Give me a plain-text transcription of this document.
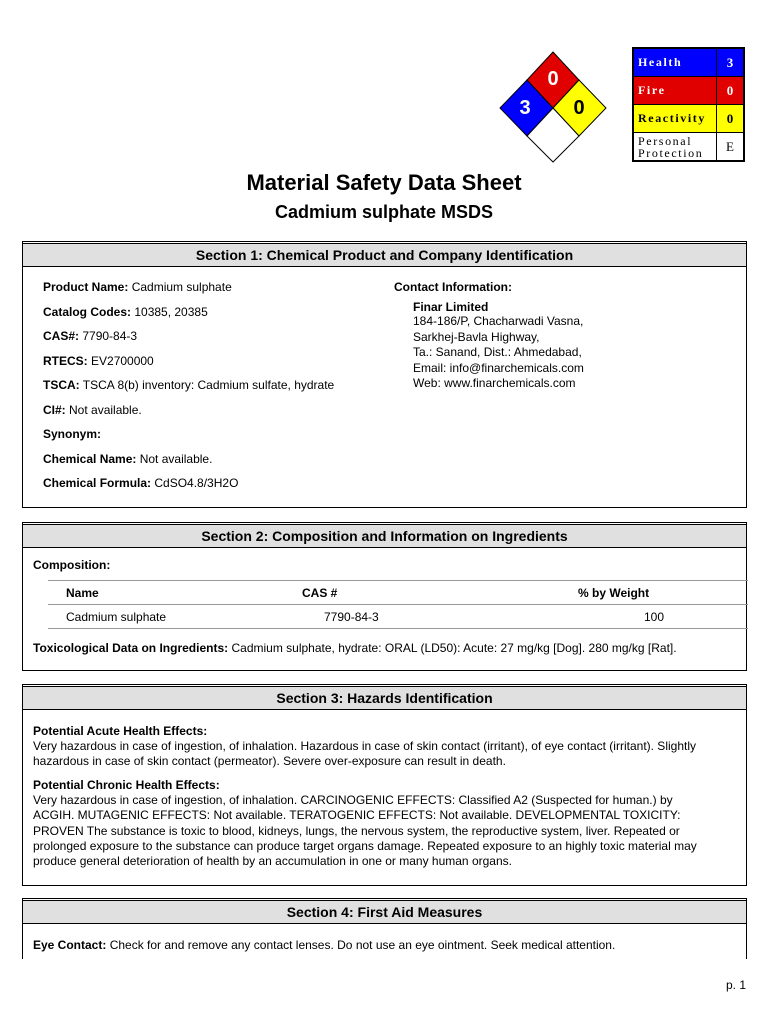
0
3 0
Health	3
Fire	0
Reactivity	0
Personal
Protection	E
Material Safety Data Sheet
Cadmium sulphate MSDS
Section 1: Chemical Product and Company Identification
Product Name: Cadmium sulphate
Catalog Codes: 10385, 20385
CAS#: 7790-84-3
RTECS: EV2700000
TSCA: TSCA 8(b) inventory: Cadmium sulfate, hydrate
CI#: Not available.
Synonym:
Chemical Name: Not available.
Chemical Formula: CdSO4.8/3H2O
Contact Information:
Finar Limited
184-186/P, Chacharwadi Vasna,
Sarkhej-Bavla Highway,
Ta.: Sanand, Dist.: Ahmedabad,
Email: info@finarchemicals.com
Web: www.finarchemicals.com
Section 2: Composition and Information on Ingredients
Composition:
Name	CAS #	% by Weight
Cadmium sulphate	7790-84-3	100
Toxicological Data on Ingredients: Cadmium sulphate, hydrate: ORAL (LD50): Acute: 27 mg/kg [Dog]. 280 mg/kg [Rat].
Section 3: Hazards Identification
Potential Acute Health Effects:
Very hazardous in case of ingestion, of inhalation. Hazardous in case of skin contact (irritant), of eye contact (irritant). Slightly
hazardous in case of skin contact (permeator). Severe over-exposure can result in death.
Potential Chronic Health Effects:
Very hazardous in case of ingestion, of inhalation. CARCINOGENIC EFFECTS: Classified A2 (Suspected for human.) by
ACGIH. MUTAGENIC EFFECTS: Not available. TERATOGENIC EFFECTS: Not available. DEVELOPMENTAL TOXICITY:
PROVEN The substance is toxic to blood, kidneys, lungs, the nervous system, the reproductive system, liver. Repeated or
prolonged exposure to the substance can produce target organs damage. Repeated exposure to an highly toxic material may
produce general deterioration of health by an accumulation in one or many human organs.
Section 4: First Aid Measures
Eye Contact: Check for and remove any contact lenses. Do not use an eye ointment. Seek medical attention.
p. 1
